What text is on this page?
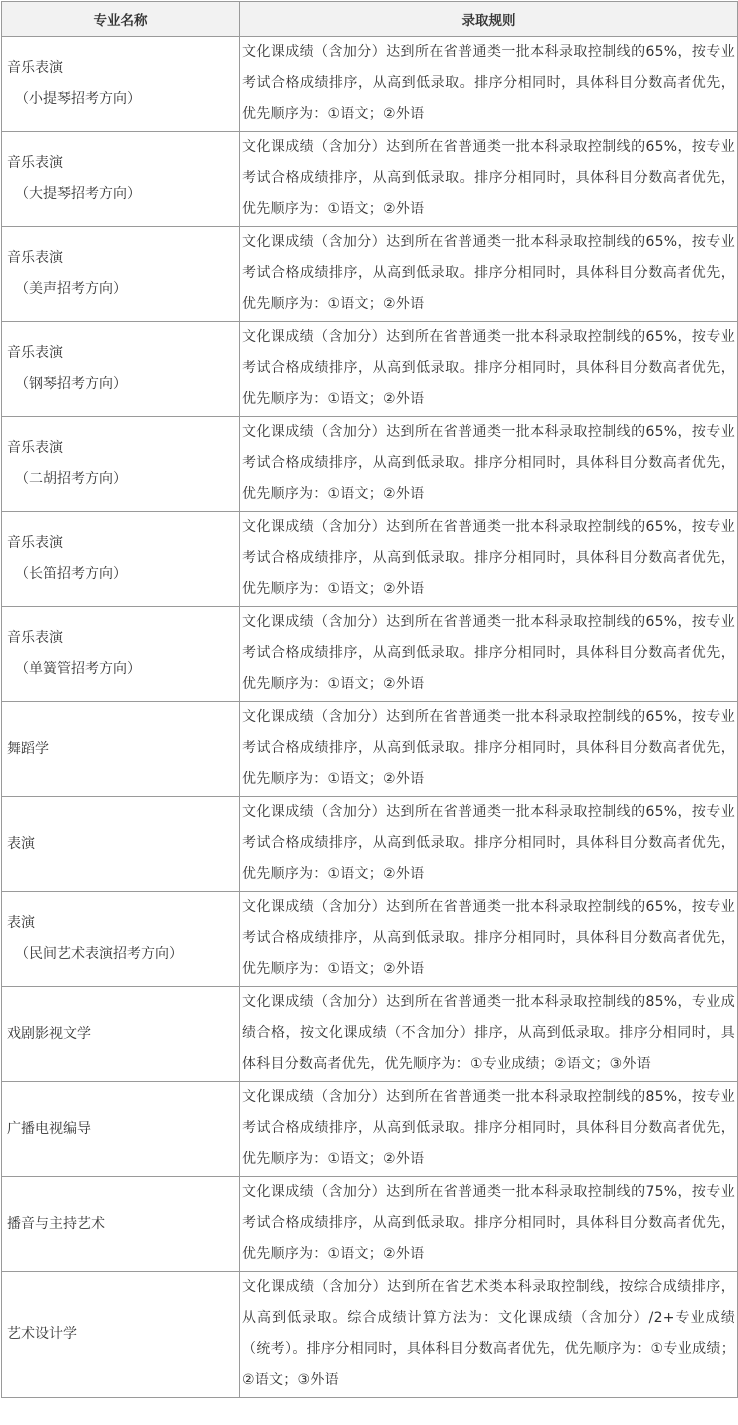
专业名称	录取规则
音乐表演
（小提琴招考方向）	文化课成绩（含加分）达到所在省普通类一批本科录取控制线的65%，按专业考试合格成绩排序，从高到低录取。排序分相同时，具体科目分数高者优先，优先顺序为：①语文；②外语
音乐表演
（大提琴招考方向）	文化课成绩（含加分）达到所在省普通类一批本科录取控制线的65%，按专业考试合格成绩排序，从高到低录取。排序分相同时，具体科目分数高者优先，优先顺序为：①语文；②外语
音乐表演
（美声招考方向）	文化课成绩（含加分）达到所在省普通类一批本科录取控制线的65%，按专业考试合格成绩排序，从高到低录取。排序分相同时，具体科目分数高者优先，优先顺序为：①语文；②外语
音乐表演
（钢琴招考方向）	文化课成绩（含加分）达到所在省普通类一批本科录取控制线的65%，按专业考试合格成绩排序，从高到低录取。排序分相同时，具体科目分数高者优先，优先顺序为：①语文；②外语
音乐表演
（二胡招考方向）	文化课成绩（含加分）达到所在省普通类一批本科录取控制线的65%，按专业考试合格成绩排序，从高到低录取。排序分相同时，具体科目分数高者优先，优先顺序为：①语文；②外语
音乐表演
（长笛招考方向）	文化课成绩（含加分）达到所在省普通类一批本科录取控制线的65%，按专业考试合格成绩排序，从高到低录取。排序分相同时，具体科目分数高者优先，优先顺序为：①语文；②外语
音乐表演
（单簧管招考方向）	文化课成绩（含加分）达到所在省普通类一批本科录取控制线的65%，按专业考试合格成绩排序，从高到低录取。排序分相同时，具体科目分数高者优先，优先顺序为：①语文；②外语
舞蹈学	文化课成绩（含加分）达到所在省普通类一批本科录取控制线的65%，按专业考试合格成绩排序，从高到低录取。排序分相同时，具体科目分数高者优先，优先顺序为：①语文；②外语
表演	文化课成绩（含加分）达到所在省普通类一批本科录取控制线的65%，按专业考试合格成绩排序，从高到低录取。排序分相同时，具体科目分数高者优先，优先顺序为：①语文；②外语
表演
（民间艺术表演招考方向）	文化课成绩（含加分）达到所在省普通类一批本科录取控制线的65%，按专业考试合格成绩排序，从高到低录取。排序分相同时，具体科目分数高者优先，优先顺序为：①语文；②外语
戏剧影视文学	文化课成绩（含加分）达到所在省普通类一批本科录取控制线的85%，专业成绩合格，按文化课成绩（不含加分）排序，从高到低录取。排序分相同时，具体科目分数高者优先，优先顺序为：①专业成绩；②语文；③外语
广播电视编导	文化课成绩（含加分）达到所在省普通类一批本科录取控制线的85%，按专业考试合格成绩排序，从高到低录取。排序分相同时，具体科目分数高者优先，优先顺序为：①语文；②外语
播音与主持艺术	文化课成绩（含加分）达到所在省普通类一批本科录取控制线的75%，按专业考试合格成绩排序，从高到低录取。排序分相同时，具体科目分数高者优先，优先顺序为：①语文；②外语
艺术设计学	文化课成绩（含加分）达到所在省艺术类本科录取控制线，按综合成绩排序，从高到低录取。综合成绩计算方法为：文化课成绩（含加分）/2+专业成绩（统考）。排序分相同时，具体科目分数高者优先，优先顺序为：①专业成绩；②语文；③外语
